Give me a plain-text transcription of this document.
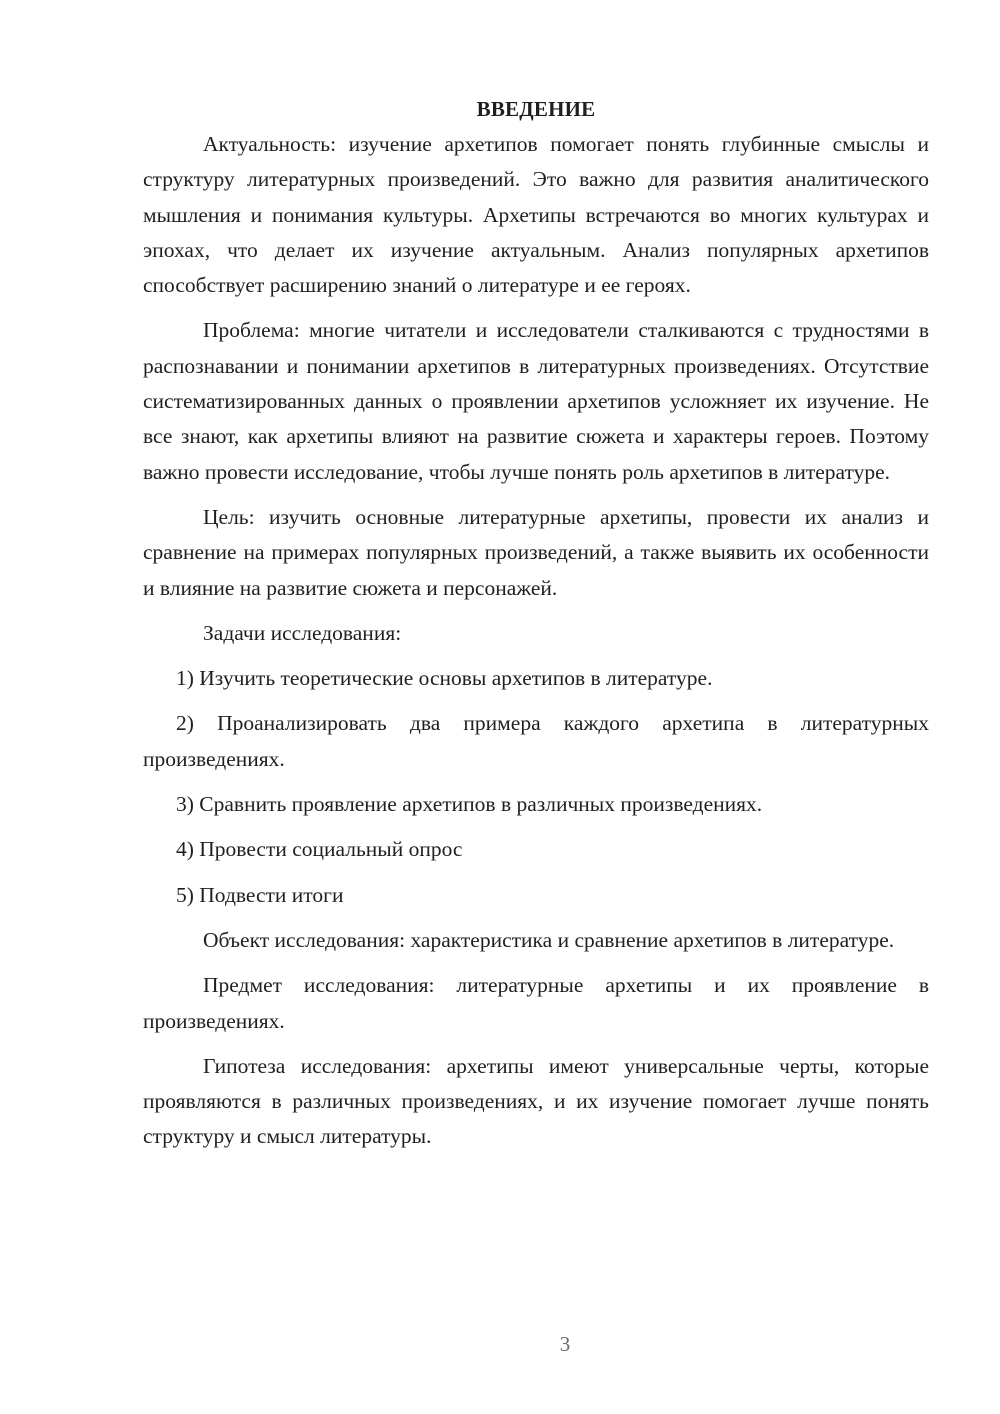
ВВЕДЕНИЕ

Актуальность: изучение архетипов помогает понять глубинные смыслы и структуру литературных произведений. Это важно для развития аналитического мышления и понимания культуры. Архетипы встречаются во многих культурах и эпохах, что делает их изучение актуальным. Анализ популярных архетипов способствует расширению знаний о литературе и ее героях.

Проблема: многие читатели и исследователи сталкиваются с трудностями в распознавании и понимании архетипов в литературных произведениях. Отсутствие систематизированных данных о проявлении архетипов усложняет их изучение. Не все знают, как архетипы влияют на развитие сюжета и характеры героев. Поэтому важно провести исследование, чтобы лучше понять роль архетипов в литературе.

Цель: изучить основные литературные архетипы, провести их анализ и сравнение на примерах популярных произведений, а также выявить их особенности и влияние на развитие сюжета и персонажей.

Задачи исследования:

1) Изучить теоретические основы архетипов в литературе.

2) Проанализировать два примера каждого архетипа в литературных произведениях.

3) Сравнить проявление архетипов в различных произведениях.

4) Провести социальный опрос

5) Подвести итоги

Объект исследования: характеристика и сравнение архетипов в литературе.

Предмет исследования: литературные архетипы и их проявление в произведениях.

Гипотеза исследования: архетипы имеют универсальные черты, которые проявляются в различных произведениях, и их изучение помогает лучше понять структуру и смысл литературы.

3
